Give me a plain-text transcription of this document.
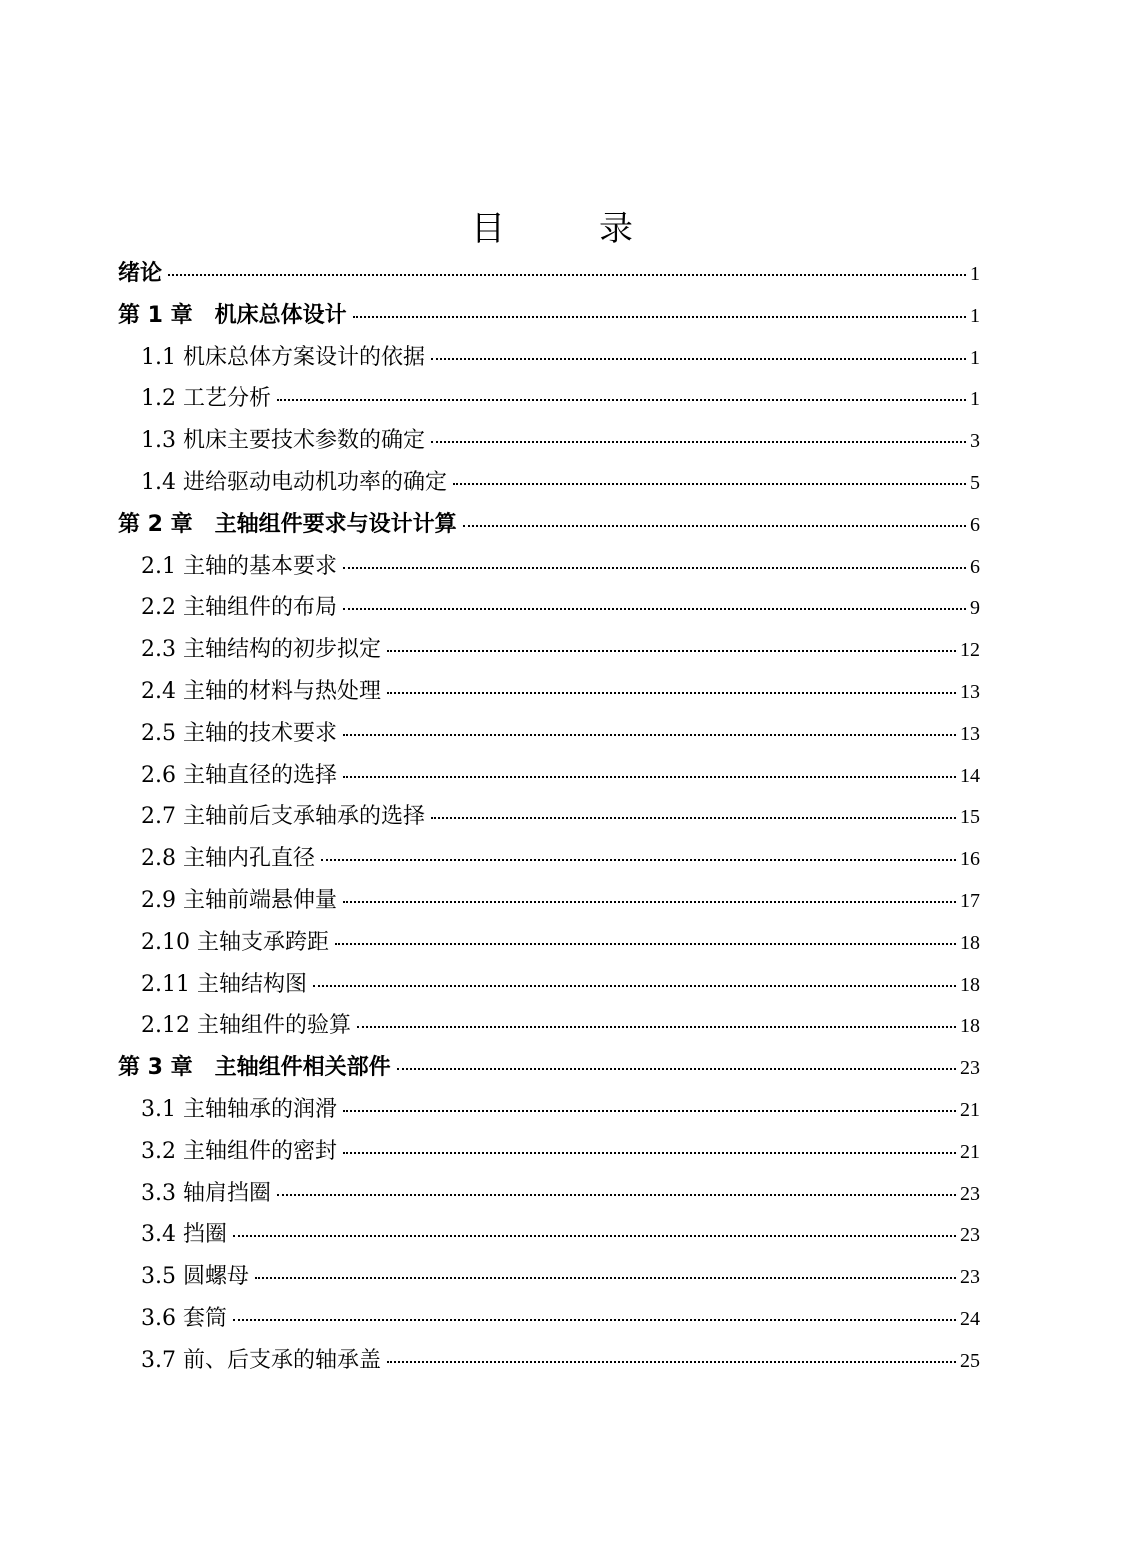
目　录
绪论	1
第 1 章　机床总体设计	1
1.1 机床总体方案设计的依据	1
1.2 工艺分析	1
1.3 机床主要技术参数的确定	3
1.4 进给驱动电动机功率的确定	5
第 2 章　主轴组件要求与设计计算	6
2.1 主轴的基本要求	6
2.2 主轴组件的布局	9
2.3 主轴结构的初步拟定	12
2.4 主轴的材料与热处理	13
2.5 主轴的技术要求	13
2.6 主轴直径的选择	14
2.7 主轴前后支承轴承的选择	15
2.8 主轴内孔直径	16
2.9 主轴前端悬伸量	17
2.10 主轴支承跨距	18
2.11 主轴结构图	18
2.12 主轴组件的验算	18
第 3 章　主轴组件相关部件	23
3.1 主轴轴承的润滑	21
3.2 主轴组件的密封	21
3.3 轴肩挡圈	23
3.4 挡圈	23
3.5 圆螺母	23
3.6 套筒	24
3.7 前、后支承的轴承盖	25
